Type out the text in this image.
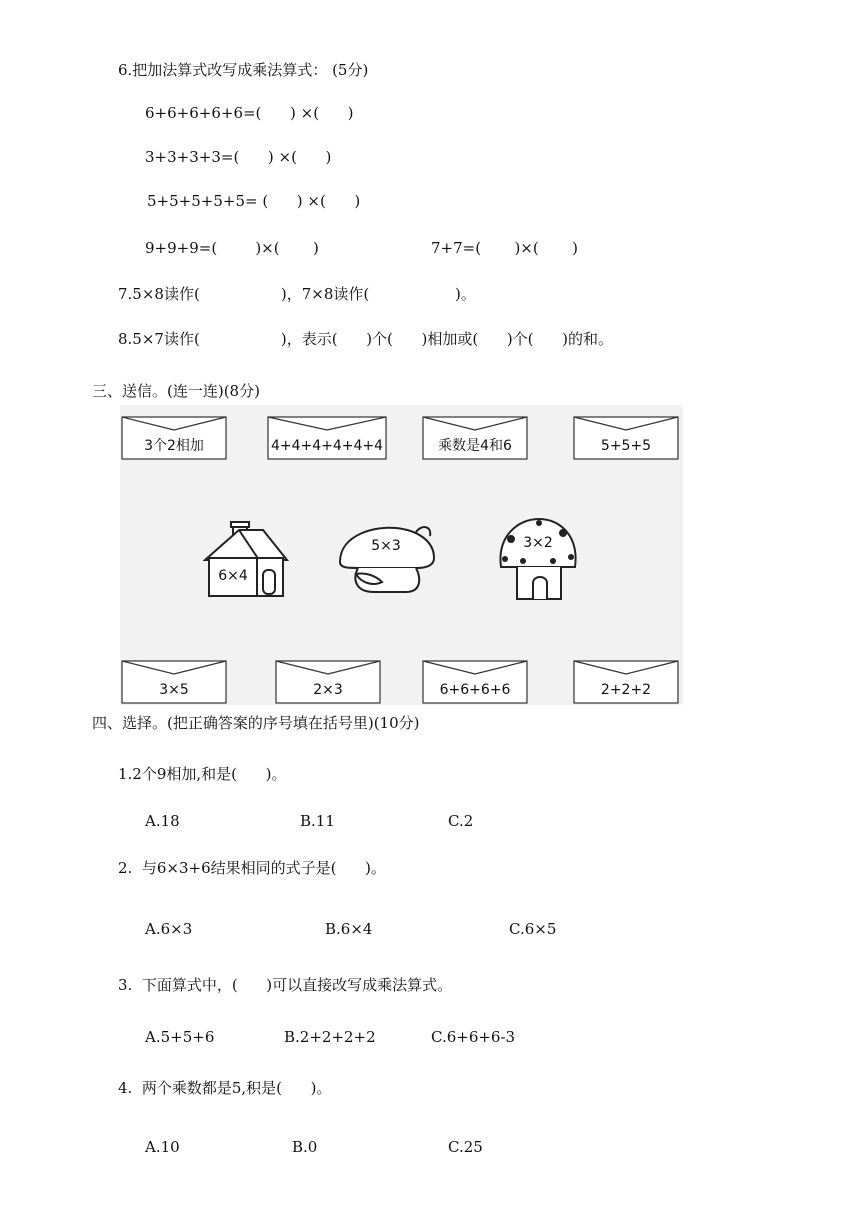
6.把加法算式改写成乘法算式： (5分)
6+6+6+6+6=(      ) ×(      )
3+3+3+3=(      ) ×(      )
5+5+5+5+5= (      ) ×(      )
9+9+9=(        )×(       )	7+7=(       )×(       )
7.5×8读作(                 )，7×8读作(                  )。
8.5×7读作(                 )，表示(      )个(      )相加或(      )个(      )的和。
三、送信。(连一连)(8分)
3个2相加	4+4+4+4+4+4	乘数是4和6	5+5+5
6×4
5×3	3×2
3×5	2×3	6+6+6+6	2+2+2
四、选择。(把正确答案的序号填在括号里)(10分)
1.2个9相加,和是(      )。
A.18	B.11	C.2
2.  与6×3+6结果相同的式子是(      )。
A.6×3	B.6×4	C.6×5
3.  下面算式中，(      )可以直接改写成乘法算式。
A.5+5+6	B.2+2+2+2	C.6+6+6-3
4.  两个乘数都是5,积是(      )。
A.10	B.0	C.25
